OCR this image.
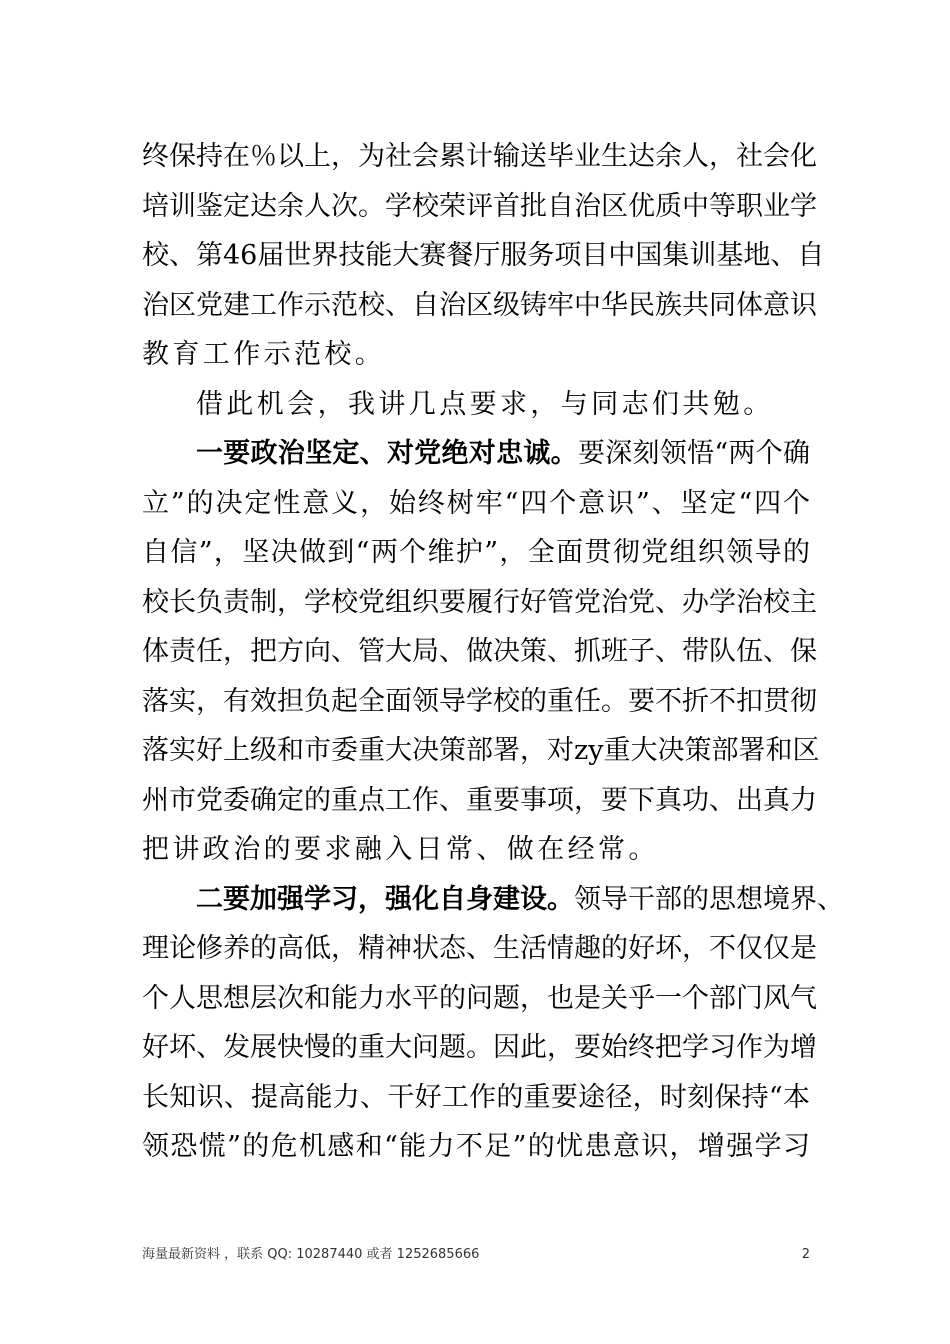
终保持在％以上，为社会累计输送毕业生达余人，社会化
培训鉴定达余人次。学校荣评首批自治区优质中等职业学
校、第46届世界技能大赛餐厅服务项目中国集训基地、自
治区党建工作示范校、自治区级铸牢中华民族共同体意识
教育工作示范校。
借此机会，我讲几点要求，与同志们共勉。
一要政治坚定、对党绝对忠诚。要深刻领悟“两个确
立”的决定性意义，始终树牢“四个意识”、坚定“四个
自信”，坚决做到“两个维护”，全面贯彻党组织领导的
校长负责制，学校党组织要履行好管党治党、办学治校主
体责任，把方向、管大局、做决策、抓班子、带队伍、保
落实，有效担负起全面领导学校的重任。要不折不扣贯彻
落实好上级和市委重大决策部署，对zy重大决策部署和区
州市党委确定的重点工作、重要事项，要下真功、出真力
把讲政治的要求融入日常、做在经常。
二要加强学习，强化自身建设。领导干部的思想境界、
理论修养的高低，精神状态、生活情趣的好坏，不仅仅是
个人思想层次和能力水平的问题，也是关乎一个部门风气
好坏、发展快慢的重大问题。因此，要始终把学习作为增
长知识、提高能力、干好工作的重要途径，时刻保持“本
领恐慌”的危机感和“能力不足”的忧患意识，增强学习
海量最新资料 ，联系 QQ: 10287440 或者 1252685666	2
